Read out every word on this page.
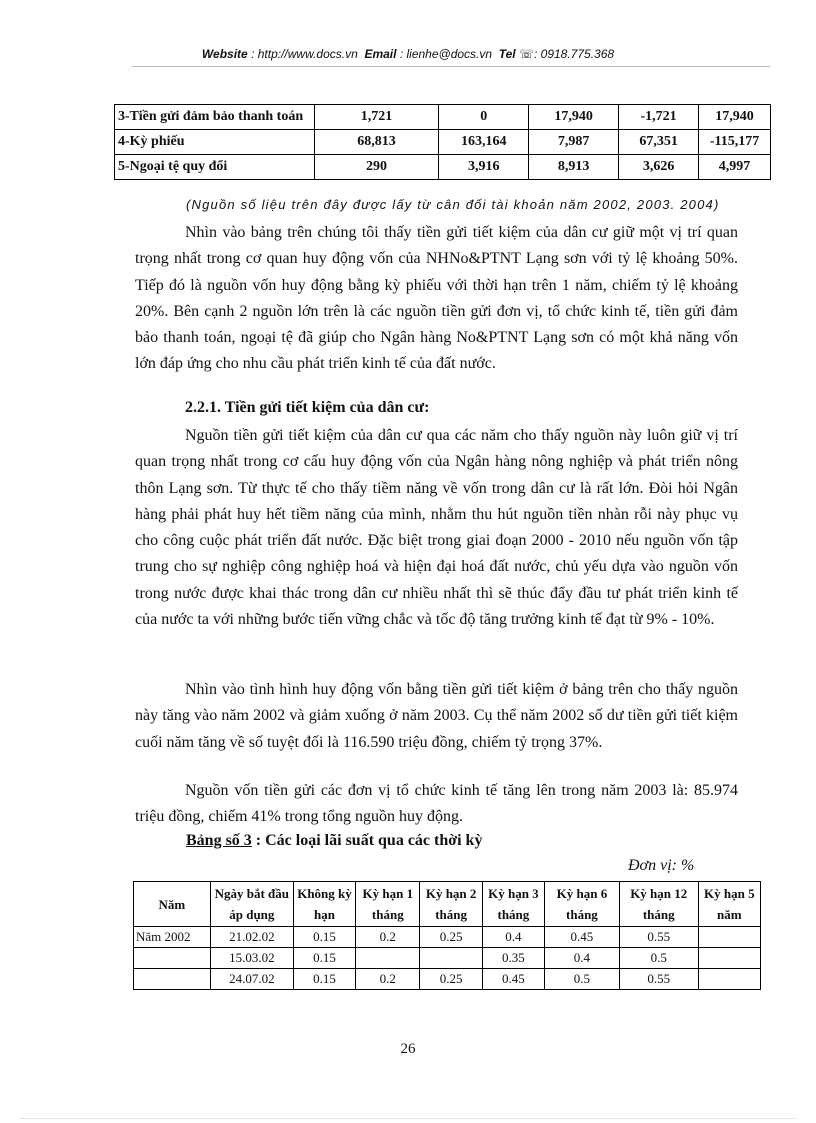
Website : http://www.docs.vn Email : lienhe@docs.vn Tel ☏: 0918.775.368
3-Tiền gửi đảm bảo thanh toán	1,721	0	17,940	-1,721	17,940
4-Kỳ phiếu	68,813	163,164	7,987	67,351	-115,177
5-Ngoại tệ quy đổi	290	3,916	8,913	3,626	4,997
(Nguồn số liệu trên đây được lấy từ cân đối tài khoản năm 2002, 2003. 2004)

Nhìn vào bảng trên chúng tôi thấy tiền gửi tiết kiệm của dân cư giữ một vị trí quan trọng nhất trong cơ quan huy động vốn của NHNo&PTNT Lạng sơn với tỷ lệ khoảng 50%. Tiếp đó là nguồn vốn huy động bằng kỳ phiếu với thời hạn trên 1 năm, chiếm tỷ lệ khoảng 20%. Bên cạnh 2 nguồn lớn trên là các nguồn tiền gửi đơn vị, tổ chức kinh tế, tiền gửi đảm bảo thanh toán, ngoại tệ đã giúp cho Ngân hàng No&PTNT Lạng sơn có một khả năng vốn lớn đáp ứng cho nhu cầu phát triển kinh tế của đất nước.

2.2.1. Tiền gửi tiết kiệm của dân cư:

Nguồn tiền gửi tiết kiệm của dân cư qua các năm cho thấy nguồn này luôn giữ vị trí quan trọng nhất trong cơ cấu huy động vốn của Ngân hàng nông nghiệp và phát triển nông thôn Lạng sơn. Từ thực tế cho thấy tiềm năng về vốn trong dân cư là rất lớn. Đòi hỏi Ngân hàng phải phát huy hết tiềm năng của mình, nhằm thu hút nguồn tiền nhàn rỗi này phục vụ cho công cuộc phát triển đất nước. Đặc biệt trong giai đoạn 2000 - 2010 nếu nguồn vốn tập trung cho sự nghiệp công nghiệp hoá và hiện đại hoá đất nước, chủ yếu dựa vào nguồn vốn trong nước được khai thác trong dân cư nhiều nhất thì sẽ thúc đẩy đầu tư phát triển kinh tế của nước ta với những bước tiến vững chắc và tốc độ tăng trưởng kinh tế đạt từ 9% - 10%.

Nhìn vào tình hình huy động vốn bằng tiền gửi tiết kiệm ở bảng trên cho thấy nguồn này tăng vào năm 2002 và giảm xuống ở năm 2003. Cụ thể năm 2002 số dư tiền gửi tiết kiệm cuối năm tăng về số tuyệt đối là 116.590 triệu đồng, chiếm tỷ trọng 37%.

Nguồn vốn tiền gửi các đơn vị tổ chức kinh tế tăng lên trong năm 2003 là: 85.974 triệu đồng, chiếm 41% trong tổng nguồn huy động.

Bảng số 3 : Các loại lãi suất qua các thời kỳ
Đơn vị: %
Năm	Ngày bắt đầu áp dụng	Không kỳ hạn	Kỳ hạn 1 tháng	Kỳ hạn 2 tháng	Kỳ hạn 3 tháng	Kỳ hạn 6 tháng	Kỳ hạn 12 tháng	Kỳ hạn 5 năm
Năm 2002	21.02.02	0.15	0.2	0.25	0.4	0.45	0.55	
	15.03.02	0.15			0.35	0.4	0.5	
	24.07.02	0.15	0.2	0.25	0.45	0.5	0.55	
26
